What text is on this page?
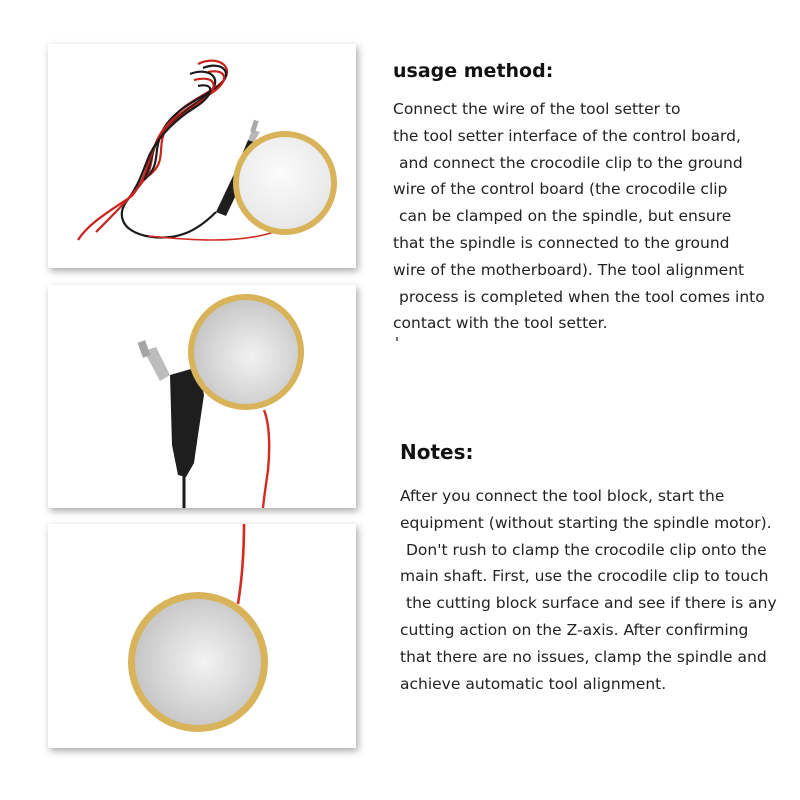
usage method:
Connect the wire of the tool setter to
the tool setter interface of the control board,
and connect the crocodile clip to the ground
wire of the control board (the crocodile clip
can be clamped on the spindle, but ensure
that the spindle is connected to the ground
wire of the motherboard). The tool alignment
process is completed when the tool comes into
contact with the tool setter.
Notes:
After you connect the tool block, start the
equipment (without starting the spindle motor).
Don't rush to clamp the crocodile clip onto the
main shaft. First, use the crocodile clip to touch
the cutting block surface and see if there is any
cutting action on the Z-axis. After confirming
that there are no issues, clamp the spindle and
achieve automatic tool alignment.
